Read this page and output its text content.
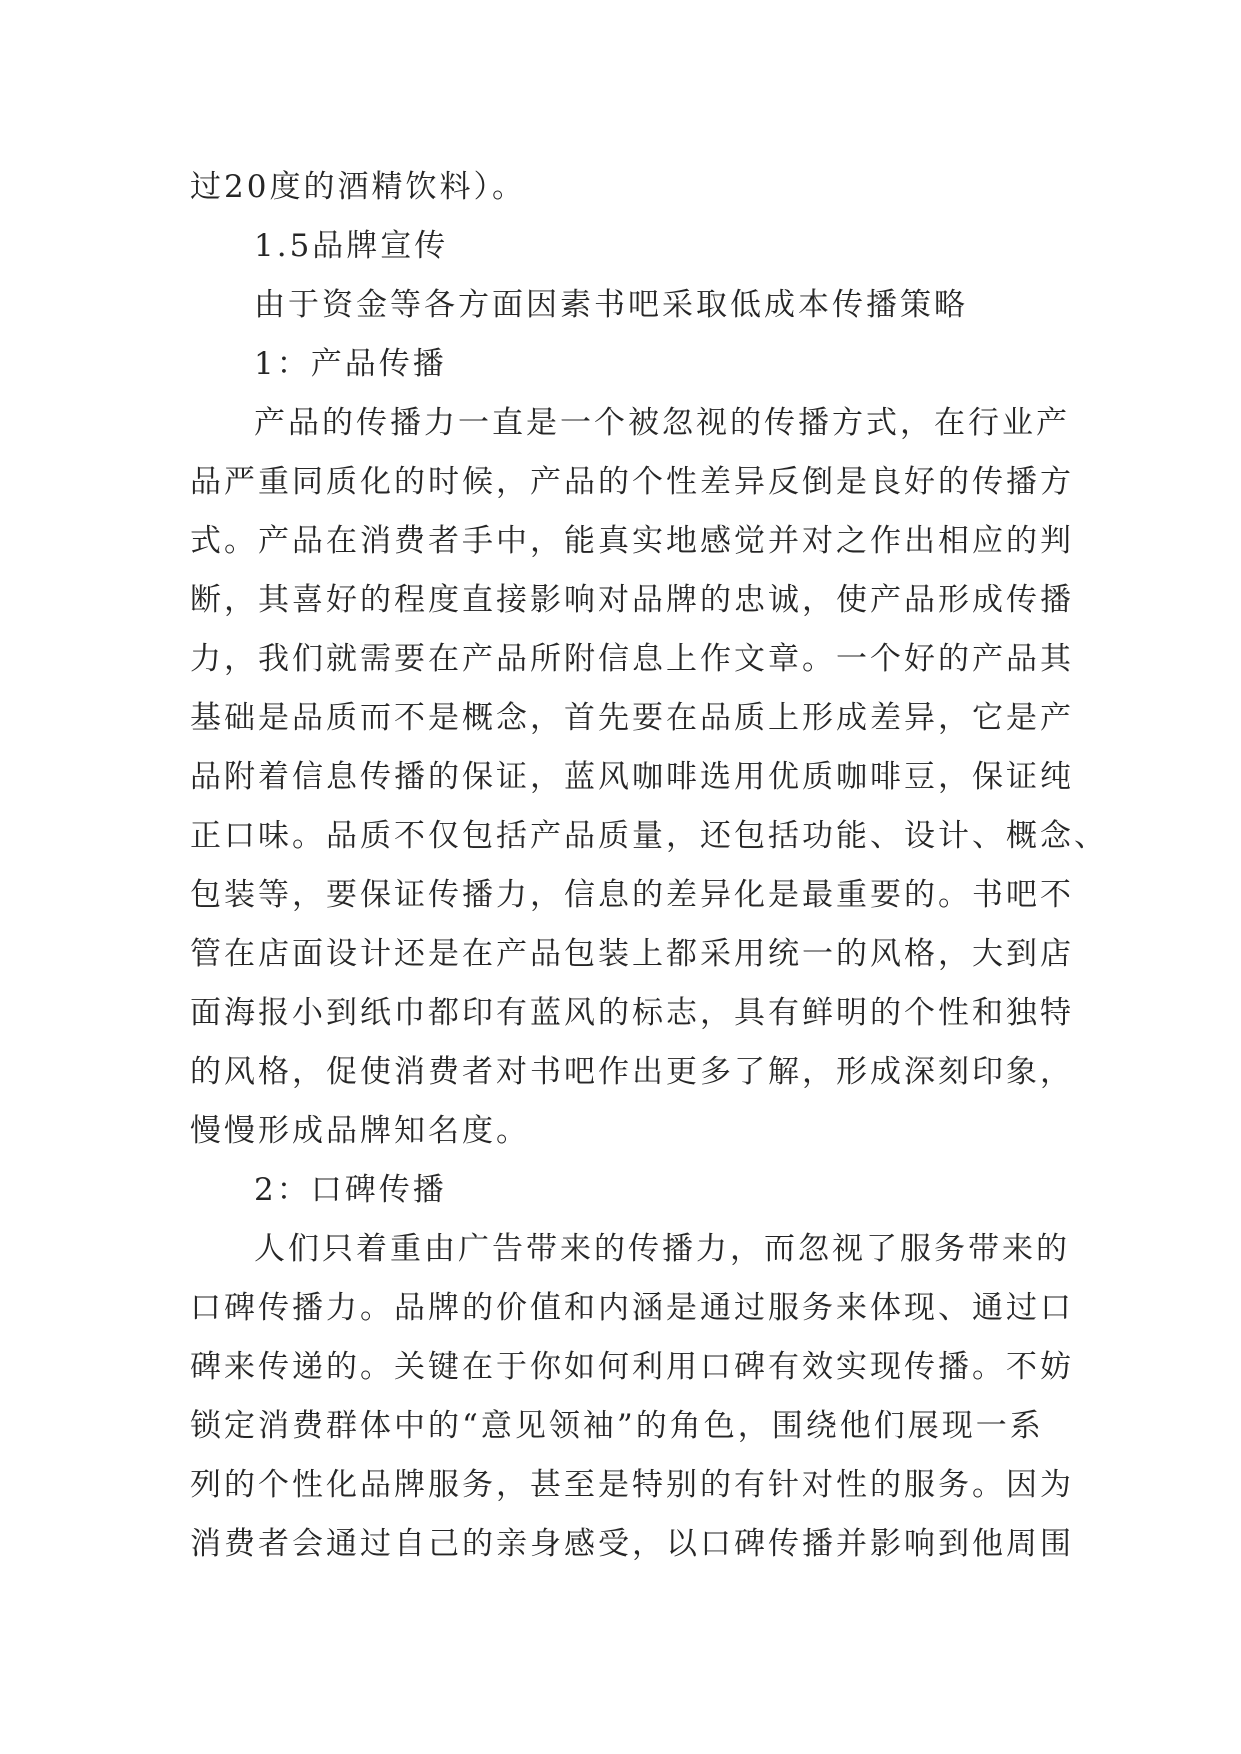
过20度的酒精饮料）。
1.5品牌宣传
由于资金等各方面因素书吧采取低成本传播策略
1：产品传播
产品的传播力一直是一个被忽视的传播方式，在行业产
品严重同质化的时候，产品的个性差异反倒是良好的传播方
式。产品在消费者手中，能真实地感觉并对之作出相应的判
断，其喜好的程度直接影响对品牌的忠诚，使产品形成传播
力，我们就需要在产品所附信息上作文章。一个好的产品其
基础是品质而不是概念，首先要在品质上形成差异，它是产
品附着信息传播的保证，蓝风咖啡选用优质咖啡豆，保证纯
正口味。品质不仅包括产品质量，还包括功能、设计、概念、
包装等，要保证传播力，信息的差异化是最重要的。书吧不
管在店面设计还是在产品包装上都采用统一的风格，大到店
面海报小到纸巾都印有蓝风的标志，具有鲜明的个性和独特
的风格，促使消费者对书吧作出更多了解，形成深刻印象，
慢慢形成品牌知名度。
2：口碑传播
人们只着重由广告带来的传播力，而忽视了服务带来的
口碑传播力。品牌的价值和内涵是通过服务来体现、通过口
碑来传递的。关键在于你如何利用口碑有效实现传播。不妨
锁定消费群体中的“意见领袖”的角色，围绕他们展现一系
列的个性化品牌服务，甚至是特别的有针对性的服务。因为
消费者会通过自己的亲身感受，以口碑传播并影响到他周围
